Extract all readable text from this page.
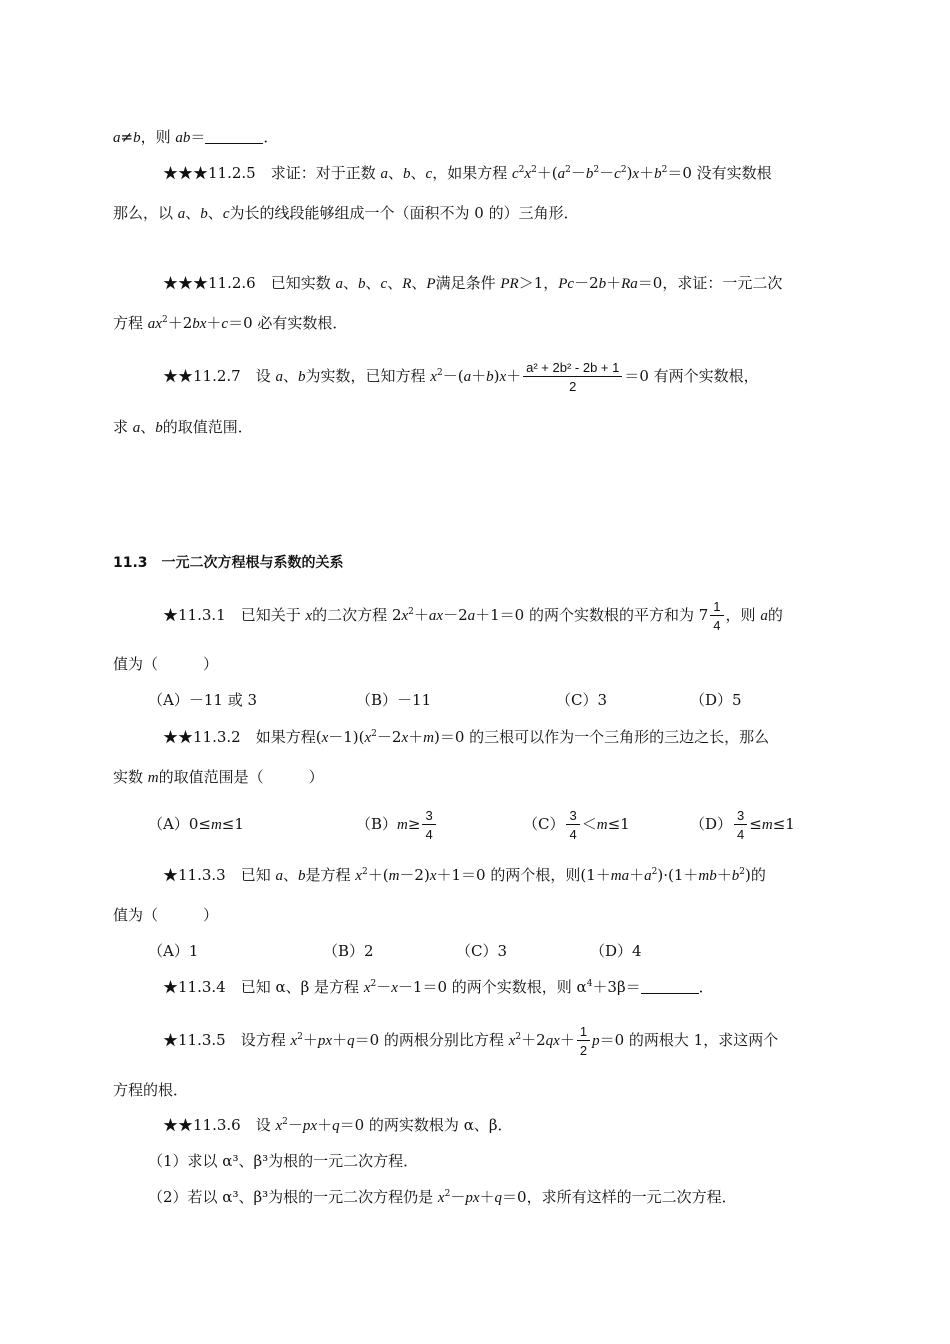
a≠b，则 ab＝	．
★★★11.2.5　求证：对于正数 a、b、c，如果方程 $c^2x^2+(a^2-b^2-c^2)x+b^2=0$ 没有实数根
那么，以 a、b、c为长的线段能够组成一个（面积不为 0 的）三角形．
★★★11.2.6　已知实数 a、b、c、R、P满足条件 PR＞1，Pc－2b＋Ra＝0，求证：一元二次
方程 $ax^2+2bx+c=0$ 必有实数根．
★★11.2.7　设 a、b为实数，已知方程 $x^2-(a+b)x+ \frac{\text{a² + 2b² - 2b + 1}}{2} =0$ 有两个实数根，
求 a、b的取值范围．
11.3　一元二次方程根与系数的关系
★11.3.1　已知关于 x的二次方程 $2x^2+ax-2a+1=0$ 的两个实数根的平方和为 $7 \frac{1}{4}$ ，则 a的
值为（　　　）
（A）－11 或 3	（B）－11	（C）3	（D）5
★★11.3.2　如果方程$(x-1)(x^2-2x+m)=0$ 的三根可以作为一个三角形的三边之长，那么
实数 m的取值范围是（　　　）
（A）0≤m≤1	$(B)m\ge \frac{3}{4}$	$(C) \frac{3}{4} <m\le 1$	$(D) \frac{3}{4} \le m\le 1$
★11.3.3　已知 a、b是方程 $x^2+(m-2)x+1=0$ 的两个根，则$(1+ma+a^2)\cdot(1+mb+b^2)$的
值为（　　　）
（A）1	（B）2	（C）3	（D）4
★11.3.4　已知 α、β 是方程 $x^2-x-1=0$ 的两个实数根，则 $\alpha^4+3\beta=$	．
★11.3.5　设方程 $x^2+px+q=0$ 的两根分别比方程 $x^2+2qx+ \frac{1}{2} p=0$ 的两根大 1，求这两个
方程的根．
★★11.3.6　设 $x^2-px+q=0$ 的两实数根为 α、β．
（1）求以 α³、β³为根的一元二次方程．
（2）若以 α³、β³为根的一元二次方程仍是 $x^2-px+q=0$，求所有这样的一元二次方程．
